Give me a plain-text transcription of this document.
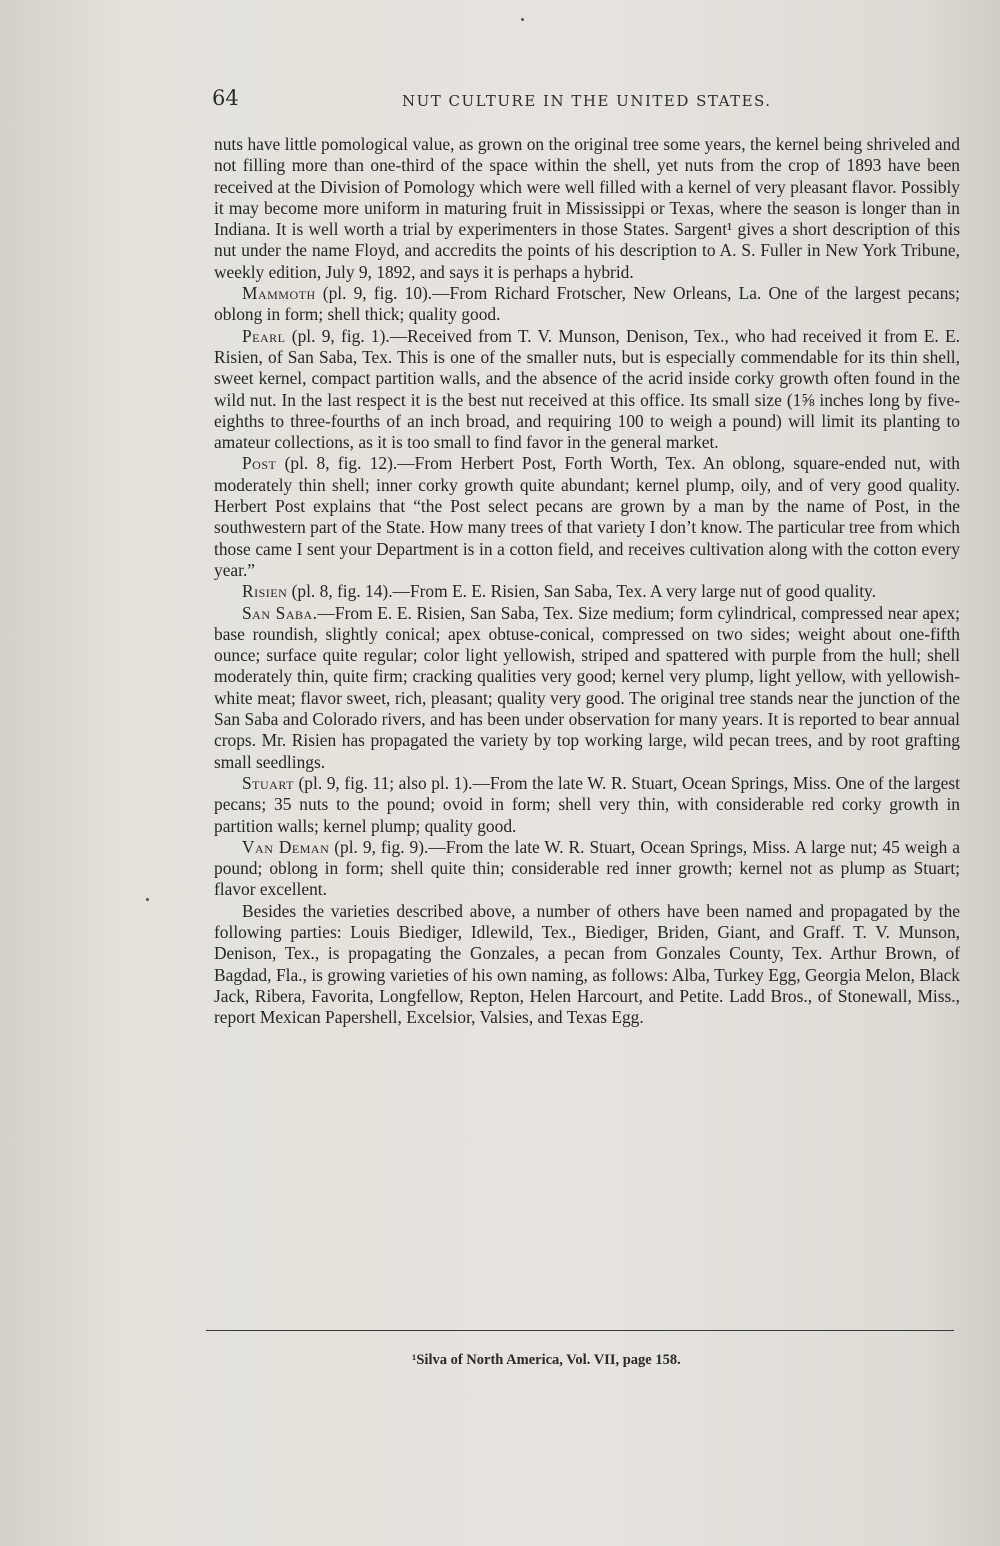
64	NUT CULTURE IN THE UNITED STATES.

nuts have little pomological value, as grown on the original tree some years, the kernel being shriveled and not filling more than one-third of the space within the shell, yet nuts from the crop of 1893 have been received at the Division of Pomology which were well filled with a kernel of very pleasant flavor. Possibly it may become more uniform in maturing fruit in Mississippi or Texas, where the season is longer than in Indiana. It is well worth a trial by experimenters in those States. Sargent¹ gives a short description of this nut under the name Floyd, and accredits the points of his description to A. S. Fuller in New York Tribune, weekly edition, July 9, 1892, and says it is perhaps a hybrid.

Mammoth (pl. 9, fig. 10).—From Richard Frotscher, New Orleans, La. One of the largest pecans; oblong in form; shell thick; quality good.

Pearl (pl. 9, fig. 1).—Received from T. V. Munson, Denison, Tex., who had received it from E. E. Risien, of San Saba, Tex. This is one of the smaller nuts, but is especially commendable for its thin shell, sweet kernel, compact partition walls, and the absence of the acrid inside corky growth often found in the wild nut. In the last respect it is the best nut received at this office. Its small size (1⅝ inches long by five-eighths to three-fourths of an inch broad, and requiring 100 to weigh a pound) will limit its planting to amateur collections, as it is too small to find favor in the general market.

Post (pl. 8, fig. 12).—From Herbert Post, Forth Worth, Tex. An oblong, square-ended nut, with moderately thin shell; inner corky growth quite abundant; kernel plump, oily, and of very good quality. Herbert Post explains that “the Post select pecans are grown by a man by the name of Post, in the southwestern part of the State. How many trees of that variety I don’t know. The particular tree from which those came I sent your Department is in a cotton field, and receives cultivation along with the cotton every year.”

Risien (pl. 8, fig. 14).—From E. E. Risien, San Saba, Tex. A very large nut of good quality.

San Saba.—From E. E. Risien, San Saba, Tex. Size medium; form cylindrical, compressed near apex; base roundish, slightly conical; apex obtuse-conical, compressed on two sides; weight about one-fifth ounce; surface quite regular; color light yellowish, striped and spattered with purple from the hull; shell moderately thin, quite firm; cracking qualities very good; kernel very plump, light yellow, with yellowish-white meat; flavor sweet, rich, pleasant; quality very good. The original tree stands near the junction of the San Saba and Colorado rivers, and has been under observation for many years. It is reported to bear annual crops. Mr. Risien has propagated the variety by top working large, wild pecan trees, and by root grafting small seedlings.

Stuart (pl. 9, fig. 11; also pl. 1).—From the late W. R. Stuart, Ocean Springs, Miss. One of the largest pecans; 35 nuts to the pound; ovoid in form; shell very thin, with considerable red corky growth in partition walls; kernel plump; quality good.

Van Deman (pl. 9, fig. 9).—From the late W. R. Stuart, Ocean Springs, Miss. A large nut; 45 weigh a pound; oblong in form; shell quite thin; considerable red inner growth; kernel not as plump as Stuart; flavor excellent.

Besides the varieties described above, a number of others have been named and propagated by the following parties: Louis Biediger, Idlewild, Tex., Biediger, Briden, Giant, and Graff. T. V. Munson, Denison, Tex., is propagating the Gonzales, a pecan from Gonzales County, Tex. Arthur Brown, of Bagdad, Fla., is growing varieties of his own naming, as follows: Alba, Turkey Egg, Georgia Melon, Black Jack, Ribera, Favorita, Longfellow, Repton, Helen Harcourt, and Petite. Ladd Bros., of Stonewall, Miss., report Mexican Papershell, Excelsior, Valsies, and Texas Egg.

¹Silva of North America, Vol. VII, page 158.
